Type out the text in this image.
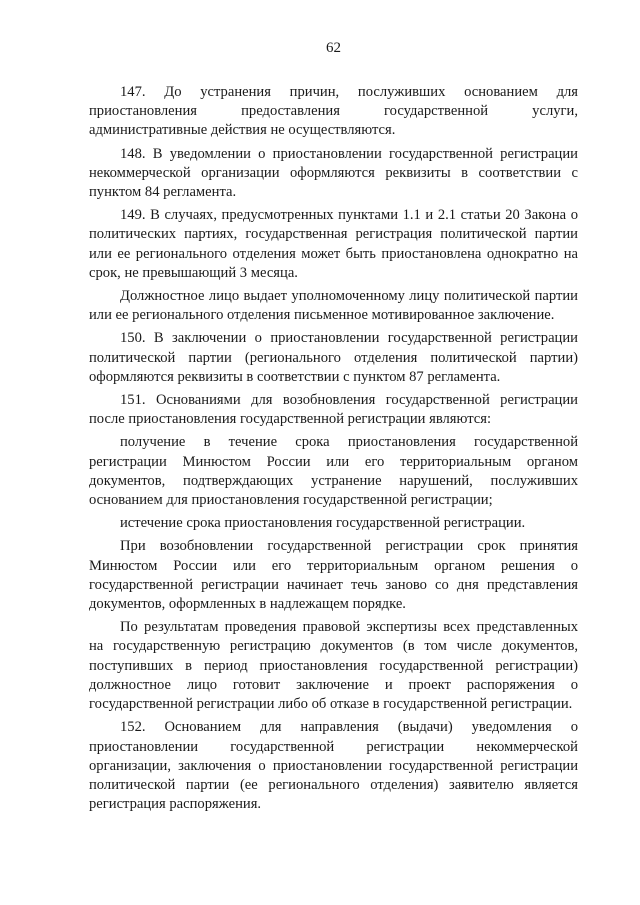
62

147. До устранения причин, послуживших основанием для приостановления предоставления государственной услуги, административные действия не осуществляются.

148. В уведомлении о приостановлении государственной регистрации некоммерческой организации оформляются реквизиты в соответствии с пунктом 84 регламента.

149. В случаях, предусмотренных пунктами 1.1 и 2.1 статьи 20 Закона о политических партиях, государственная регистрация политической партии или ее регионального отделения может быть приостановлена однократно на срок, не превышающий 3 месяца.

Должностное лицо выдает уполномоченному лицу политической партии или ее регионального отделения письменное мотивированное заключение.

150. В заключении о приостановлении государственной регистрации политической партии (регионального отделения политической партии) оформляются реквизиты в соответствии с пунктом 87 регламента.

151. Основаниями для возобновления государственной регистрации после приостановления государственной регистрации являются:

получение в течение срока приостановления государственной регистрации Минюстом России или его территориальным органом документов, подтверждающих устранение нарушений, послуживших основанием для приостановления государственной регистрации;

истечение срока приостановления государственной регистрации.

При возобновлении государственной регистрации срок принятия Минюстом России или его территориальным органом решения о государственной регистрации начинает течь заново со дня представления документов, оформленных в надлежащем порядке.

По результатам проведения правовой экспертизы всех представленных на государственную регистрацию документов (в том числе документов, поступивших в период приостановления государственной регистрации) должностное лицо готовит заключение и проект распоряжения о государственной регистрации либо об отказе в государственной регистрации.

152. Основанием для направления (выдачи) уведомления о приостановлении государственной регистрации некоммерческой организации, заключения о приостановлении государственной регистрации политической партии (ее регионального отделения) заявителю является регистрация распоряжения.
